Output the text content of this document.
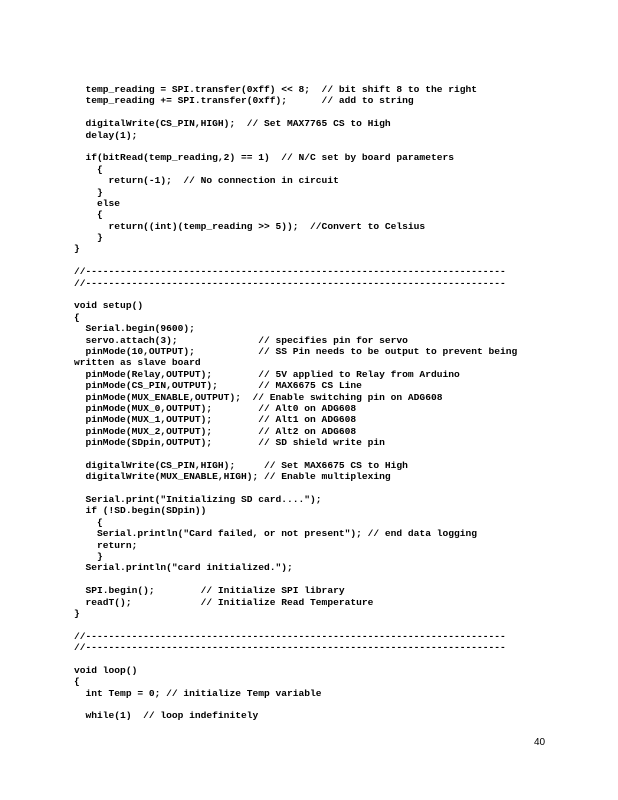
temp_reading = SPI.transfer(0xff) << 8;  // bit shift 8 to the right
temp_reading += SPI.transfer(0xff);      // add to string
digitalWrite(CS_PIN,HIGH);  // Set MAX7765 CS to High
delay(1);
if(bitRead(temp_reading,2) == 1)  // N/C set by board parameters
{
return(-1);  // No connection in circuit
}
else
{
return((int)(temp_reading >> 5));  //Convert to Celsius
}
}
//-------------------------------------------------------------------------
//-------------------------------------------------------------------------
void setup()
{
Serial.begin(9600);
servo.attach(3);              // specifies pin for servo
pinMode(10,OUTPUT);           // SS Pin needs to be output to prevent being
written as slave board
pinMode(Relay,OUTPUT);        // 5V applied to Relay from Arduino
pinMode(CS_PIN,OUTPUT);       // MAX6675 CS Line
pinMode(MUX_ENABLE,OUTPUT);  // Enable switching pin on ADG608
pinMode(MUX_0,OUTPUT);        // Alt0 on ADG608
pinMode(MUX_1,OUTPUT);        // Alt1 on ADG608
pinMode(MUX_2,OUTPUT);        // Alt2 on ADG608
pinMode(SDpin,OUTPUT);        // SD shield write pin
digitalWrite(CS_PIN,HIGH);     // Set MAX6675 CS to High
digitalWrite(MUX_ENABLE,HIGH); // Enable multiplexing
Serial.print("Initializing SD card....");
if (!SD.begin(SDpin))
{
Serial.println("Card failed, or not present"); // end data logging
return;
}
Serial.println("card initialized.");
SPI.begin();        // Initialize SPI library
readT();            // Initialize Read Temperature
}
//-------------------------------------------------------------------------
//-------------------------------------------------------------------------
void loop()
{
int Temp = 0; // initialize Temp variable
while(1)  // loop indefinitely
40
